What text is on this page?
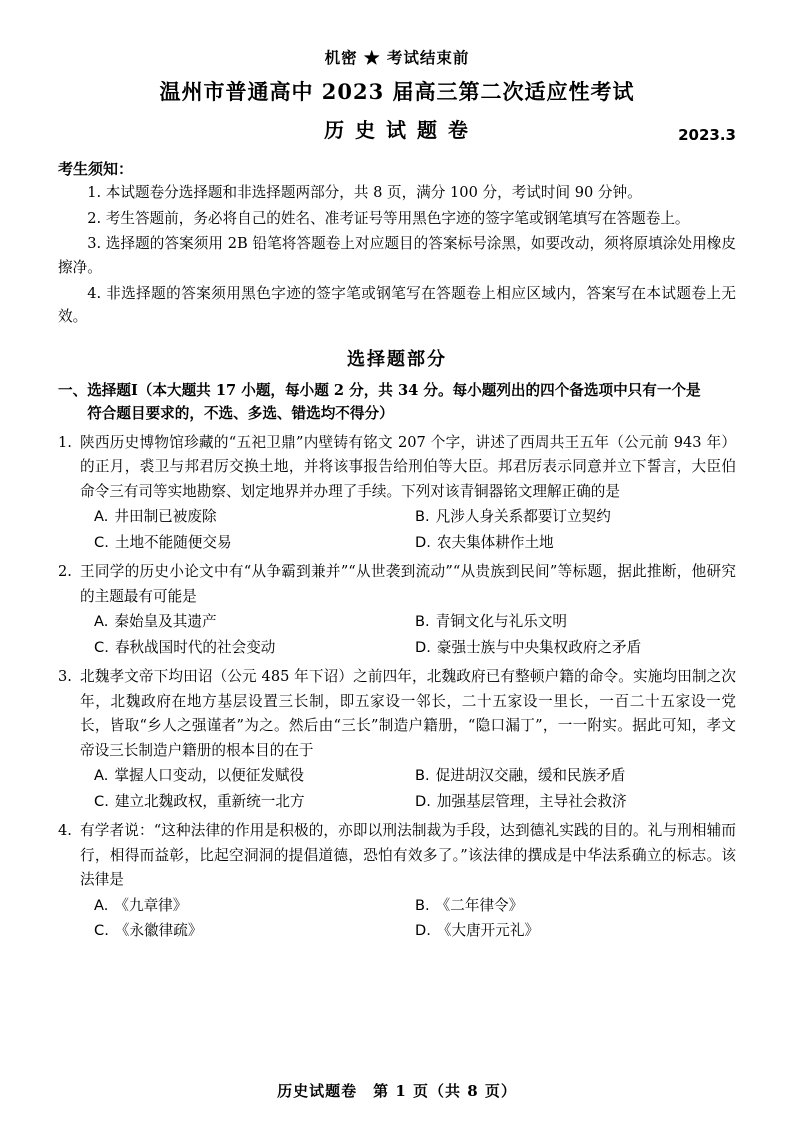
机密 ★ 考试结束前
温州市普通高中 2023 届高三第二次适应性考试
历 史 试 题 卷	2023.3
考生须知：
1. 本试题卷分选择题和非选择题两部分，共 8 页，满分 100 分，考试时间 90 分钟。
2. 考生答题前，务必将自己的姓名、准考证号等用黑色字迹的签字笔或钢笔填写在答题卷上。
3. 选择题的答案须用 2B 铅笔将答题卷上对应题目的答案标号涂黑，如要改动，须将原填涂处用橡皮擦净。
4. 非选择题的答案须用黑色字迹的签字笔或钢笔写在答题卷上相应区域内，答案写在本试题卷上无效。
选择题部分
一、选择题Ⅰ（本大题共 17 小题，每小题 2 分，共 34 分。每小题列出的四个备选项中只有一个是
符合题目要求的，不选、多选、错选均不得分）
1. 陕西历史博物馆珍藏的“五祀卫鼎”内壁铸有铭文 207 个字，讲述了西周共王五年（公元前 943 年）的正月，裘卫与邦君厉交换土地，并将该事报告给刑伯等大臣。邦君厉表示同意并立下誓言，大臣伯命令三有司等实地勘察、划定地界并办理了手续。下列对该青铜器铭文理解正确的是
A. 井田制已被废除	B. 凡涉人身关系都要订立契约
C. 土地不能随便交易	D. 农夫集体耕作土地
2. 王同学的历史小论文中有“从争霸到兼并”“从世袭到流动”“从贵族到民间”等标题，据此推断，他研究的主题最有可能是
A. 秦始皇及其遗产	B. 青铜文化与礼乐文明
C. 春秋战国时代的社会变动	D. 豪强士族与中央集权政府之矛盾
3. 北魏孝文帝下均田诏（公元 485 年下诏）之前四年，北魏政府已有整顿户籍的命令。实施均田制之次年，北魏政府在地方基层设置三长制，即五家设一邻长，二十五家设一里长，一百二十五家设一党长，皆取“乡人之强谨者”为之。然后由“三长”制造户籍册，“隐口漏丁”，一一附实。据此可知，孝文帝设三长制造户籍册的根本目的在于
A. 掌握人口变动，以便征发赋役	B. 促进胡汉交融，缓和民族矛盾
C. 建立北魏政权，重新统一北方	D. 加强基层管理，主导社会救济
4. 有学者说：“这种法律的作用是积极的，亦即以刑法制裁为手段，达到德礼实践的目的。礼与刑相辅而行，相得而益彰，比起空洞洞的提倡道德，恐怕有效多了。”该法律的撰成是中华法系确立的标志。该法律是
A. 《九章律》	B. 《二年律令》
C. 《永徽律疏》	D. 《大唐开元礼》
历史试题卷　第 1 页（共 8 页）
